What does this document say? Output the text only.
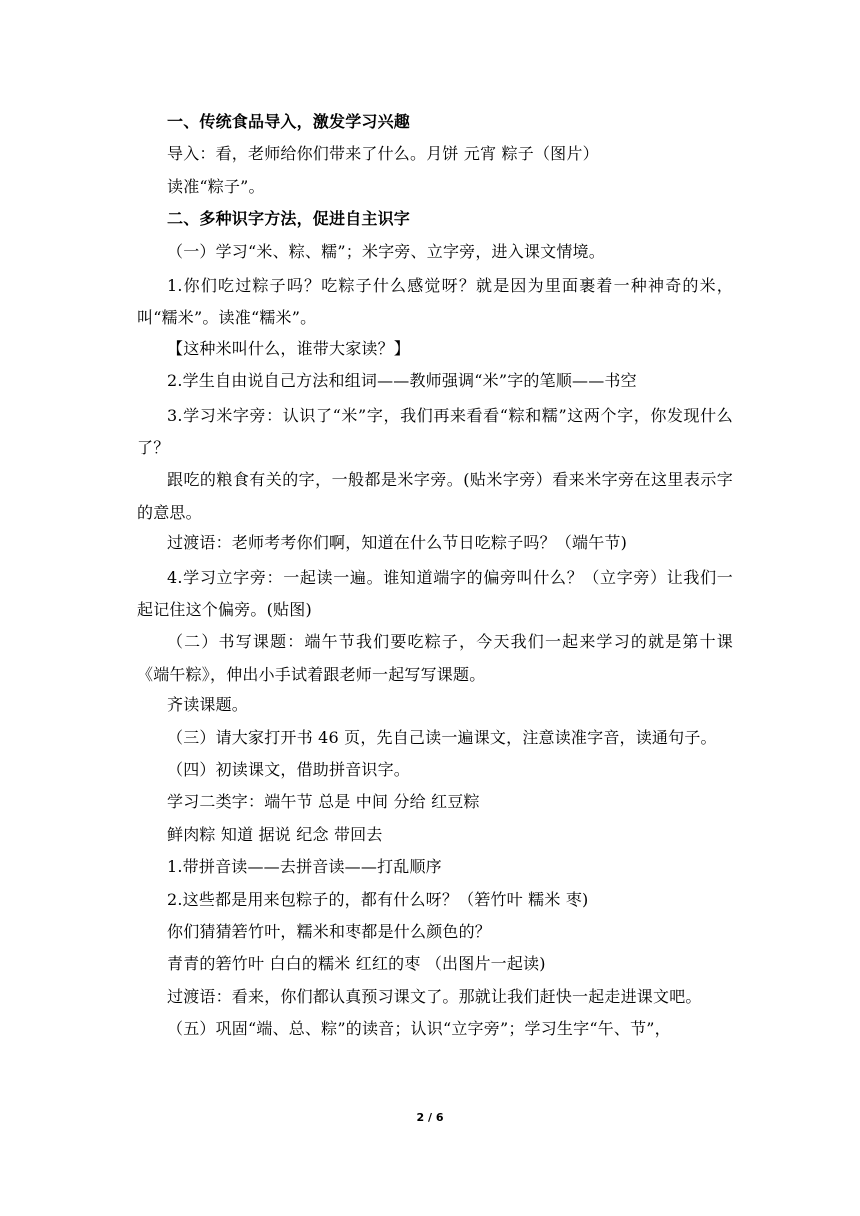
一、传统食品导入，激发学习兴趣
导入：看，老师给你们带来了什么。月饼 元宵 粽子（图片）
读准“粽子”。
二、多种识字方法，促进自主识字
（一）学习“米、粽、糯”；米字旁、立字旁，进入课文情境。
1.你们吃过粽子吗？吃粽子什么感觉呀？就是因为里面裹着一种神奇的米，叫“糯米”。读准“糯米”。
【这种米叫什么，谁带大家读？】
2.学生自由说自己方法和组词——教师强调“米”字的笔顺——书空
3.学习米字旁：认识了“米”字，我们再来看看“粽和糯”这两个字，你发现什么了？
跟吃的粮食有关的字，一般都是米字旁。(贴米字旁）看来米字旁在这里表示字的意思。
过渡语：老师考考你们啊，知道在什么节日吃粽子吗？（端午节)
4.学习立字旁：一起读一遍。谁知道端字的偏旁叫什么？（立字旁）让我们一起记住这个偏旁。(贴图)
（二）书写课题：端午节我们要吃粽子，今天我们一起来学习的就是第十课《端午粽》，伸出小手试着跟老师一起写写课题。
齐读课题。
（三）请大家打开书 46 页，先自己读一遍课文，注意读准字音，读通句子。
（四）初读课文，借助拼音识字。
学习二类字：端午节 总是 中间 分给 红豆粽
鲜肉粽 知道 据说 纪念 带回去
1.带拼音读——去拼音读——打乱顺序
2.这些都是用来包粽子的，都有什么呀？（箬竹叶 糯米 枣)
你们猜猜箬竹叶，糯米和枣都是什么颜色的？
青青的箬竹叶 白白的糯米 红红的枣 （出图片一起读)
过渡语：看来，你们都认真预习课文了。那就让我们赶快一起走进课文吧。
（五）巩固“端、总、粽”的读音；认识“立字旁”；学习生字“午、节”，
2 / 6
